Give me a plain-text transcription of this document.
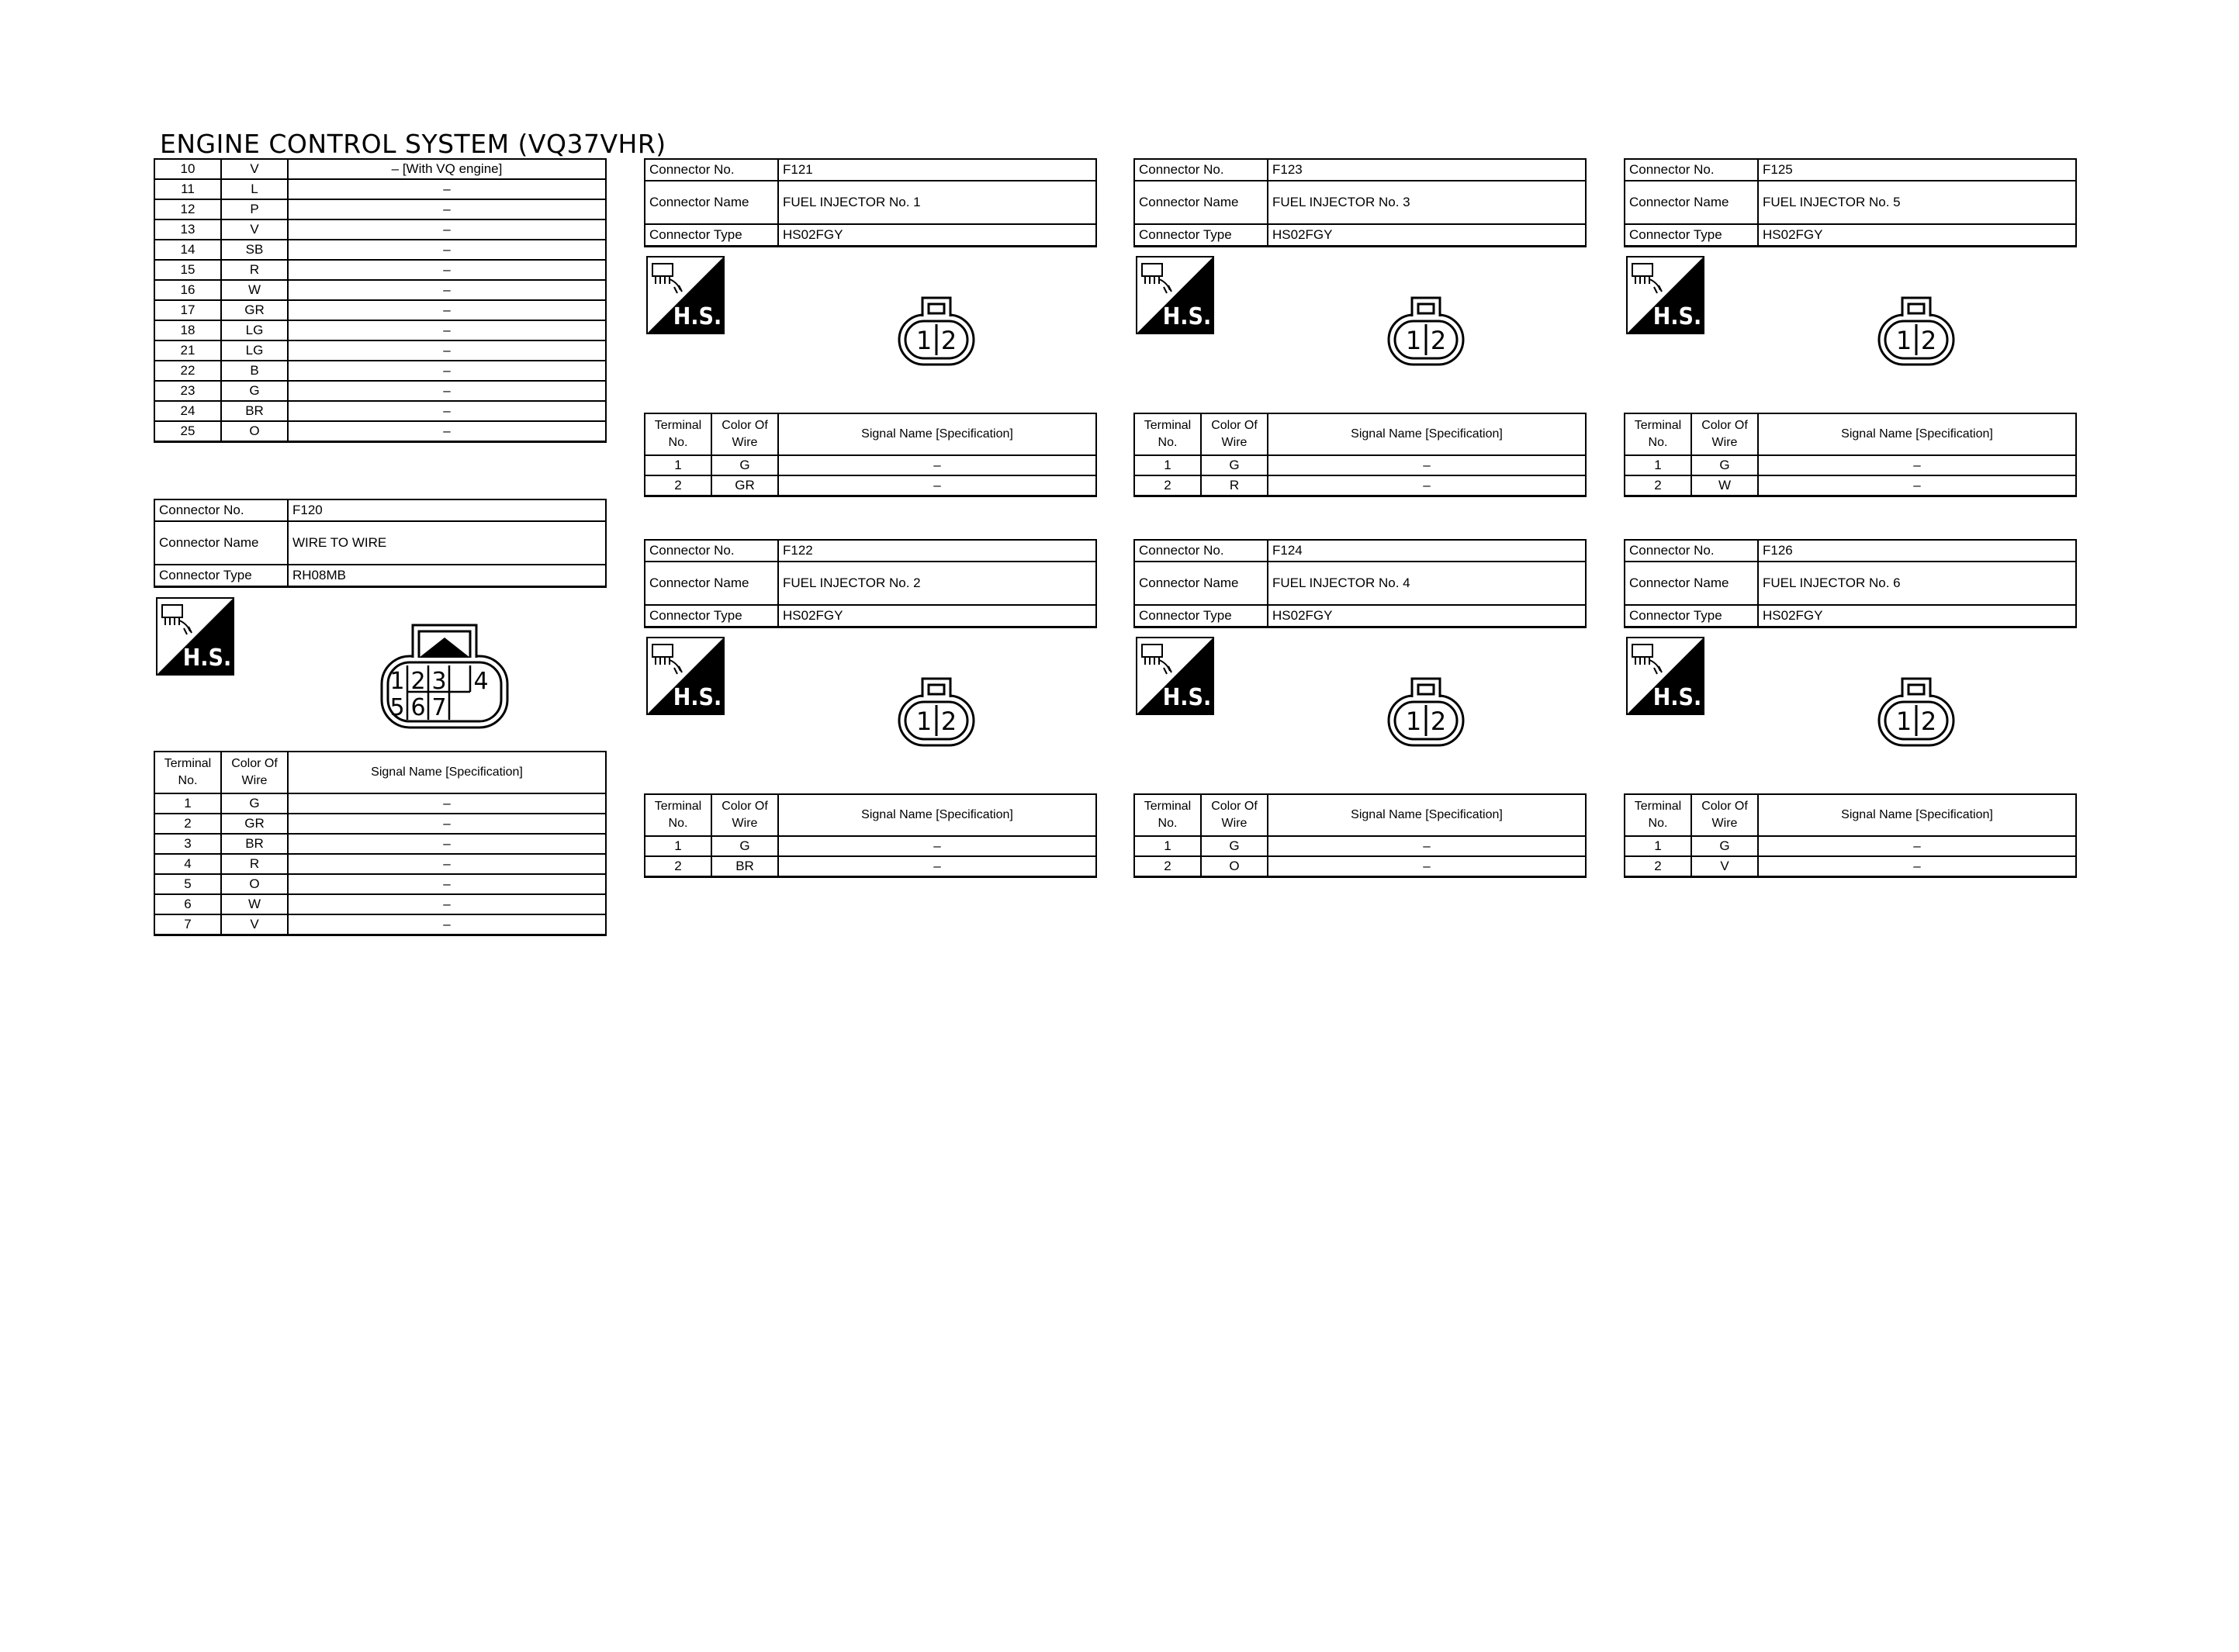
ENGINE CONTROL SYSTEM (VQ37VHR)
10	V	– [With VQ engine]
11	L	–
12	P	–
13	V	–
14	SB	–
15	R	–
16	W	–
17	GR	–
18	LG	–
21	LG	–
22	B	–
23	G	–
24	BR	–
25	O	–
Connector No.	F120
Connector Name	WIRE TO WIRE
Connector Type	RH08MB
H.S.
1 2 3 4
5 6 7
Terminal No.	Color Of Wire	Signal Name [Specification]
1	G	–
2	GR	–
3	BR	–
4	R	–
5	O	–
6	W	–
7	V	–
Connector No.	F121
Connector Name	FUEL INJECTOR No. 1
Connector Type	HS02FGY
H.S.
1 2
Terminal No.	Color Of Wire	Signal Name [Specification]
1	G	–
2	GR	–
Connector No.	F123
Connector Name	FUEL INJECTOR No. 3
Connector Type	HS02FGY
H.S.
1 2
Terminal No.	Color Of Wire	Signal Name [Specification]
1	G	–
2	R	–
Connector No.	F125
Connector Name	FUEL INJECTOR No. 5
Connector Type	HS02FGY
H.S.
1 2
Terminal No.	Color Of Wire	Signal Name [Specification]
1	G	–
2	W	–
Connector No.	F122
Connector Name	FUEL INJECTOR No. 2
Connector Type	HS02FGY
H.S.
1 2
Terminal No.	Color Of Wire	Signal Name [Specification]
1	G	–
2	BR	–
Connector No.	F124
Connector Name	FUEL INJECTOR No. 4
Connector Type	HS02FGY
H.S.
1 2
Terminal No.	Color Of Wire	Signal Name [Specification]
1	G	–
2	O	–
Connector No.	F126
Connector Name	FUEL INJECTOR No. 6
Connector Type	HS02FGY
H.S.
1 2
Terminal No.	Color Of Wire	Signal Name [Specification]
1	G	–
2	V	–
